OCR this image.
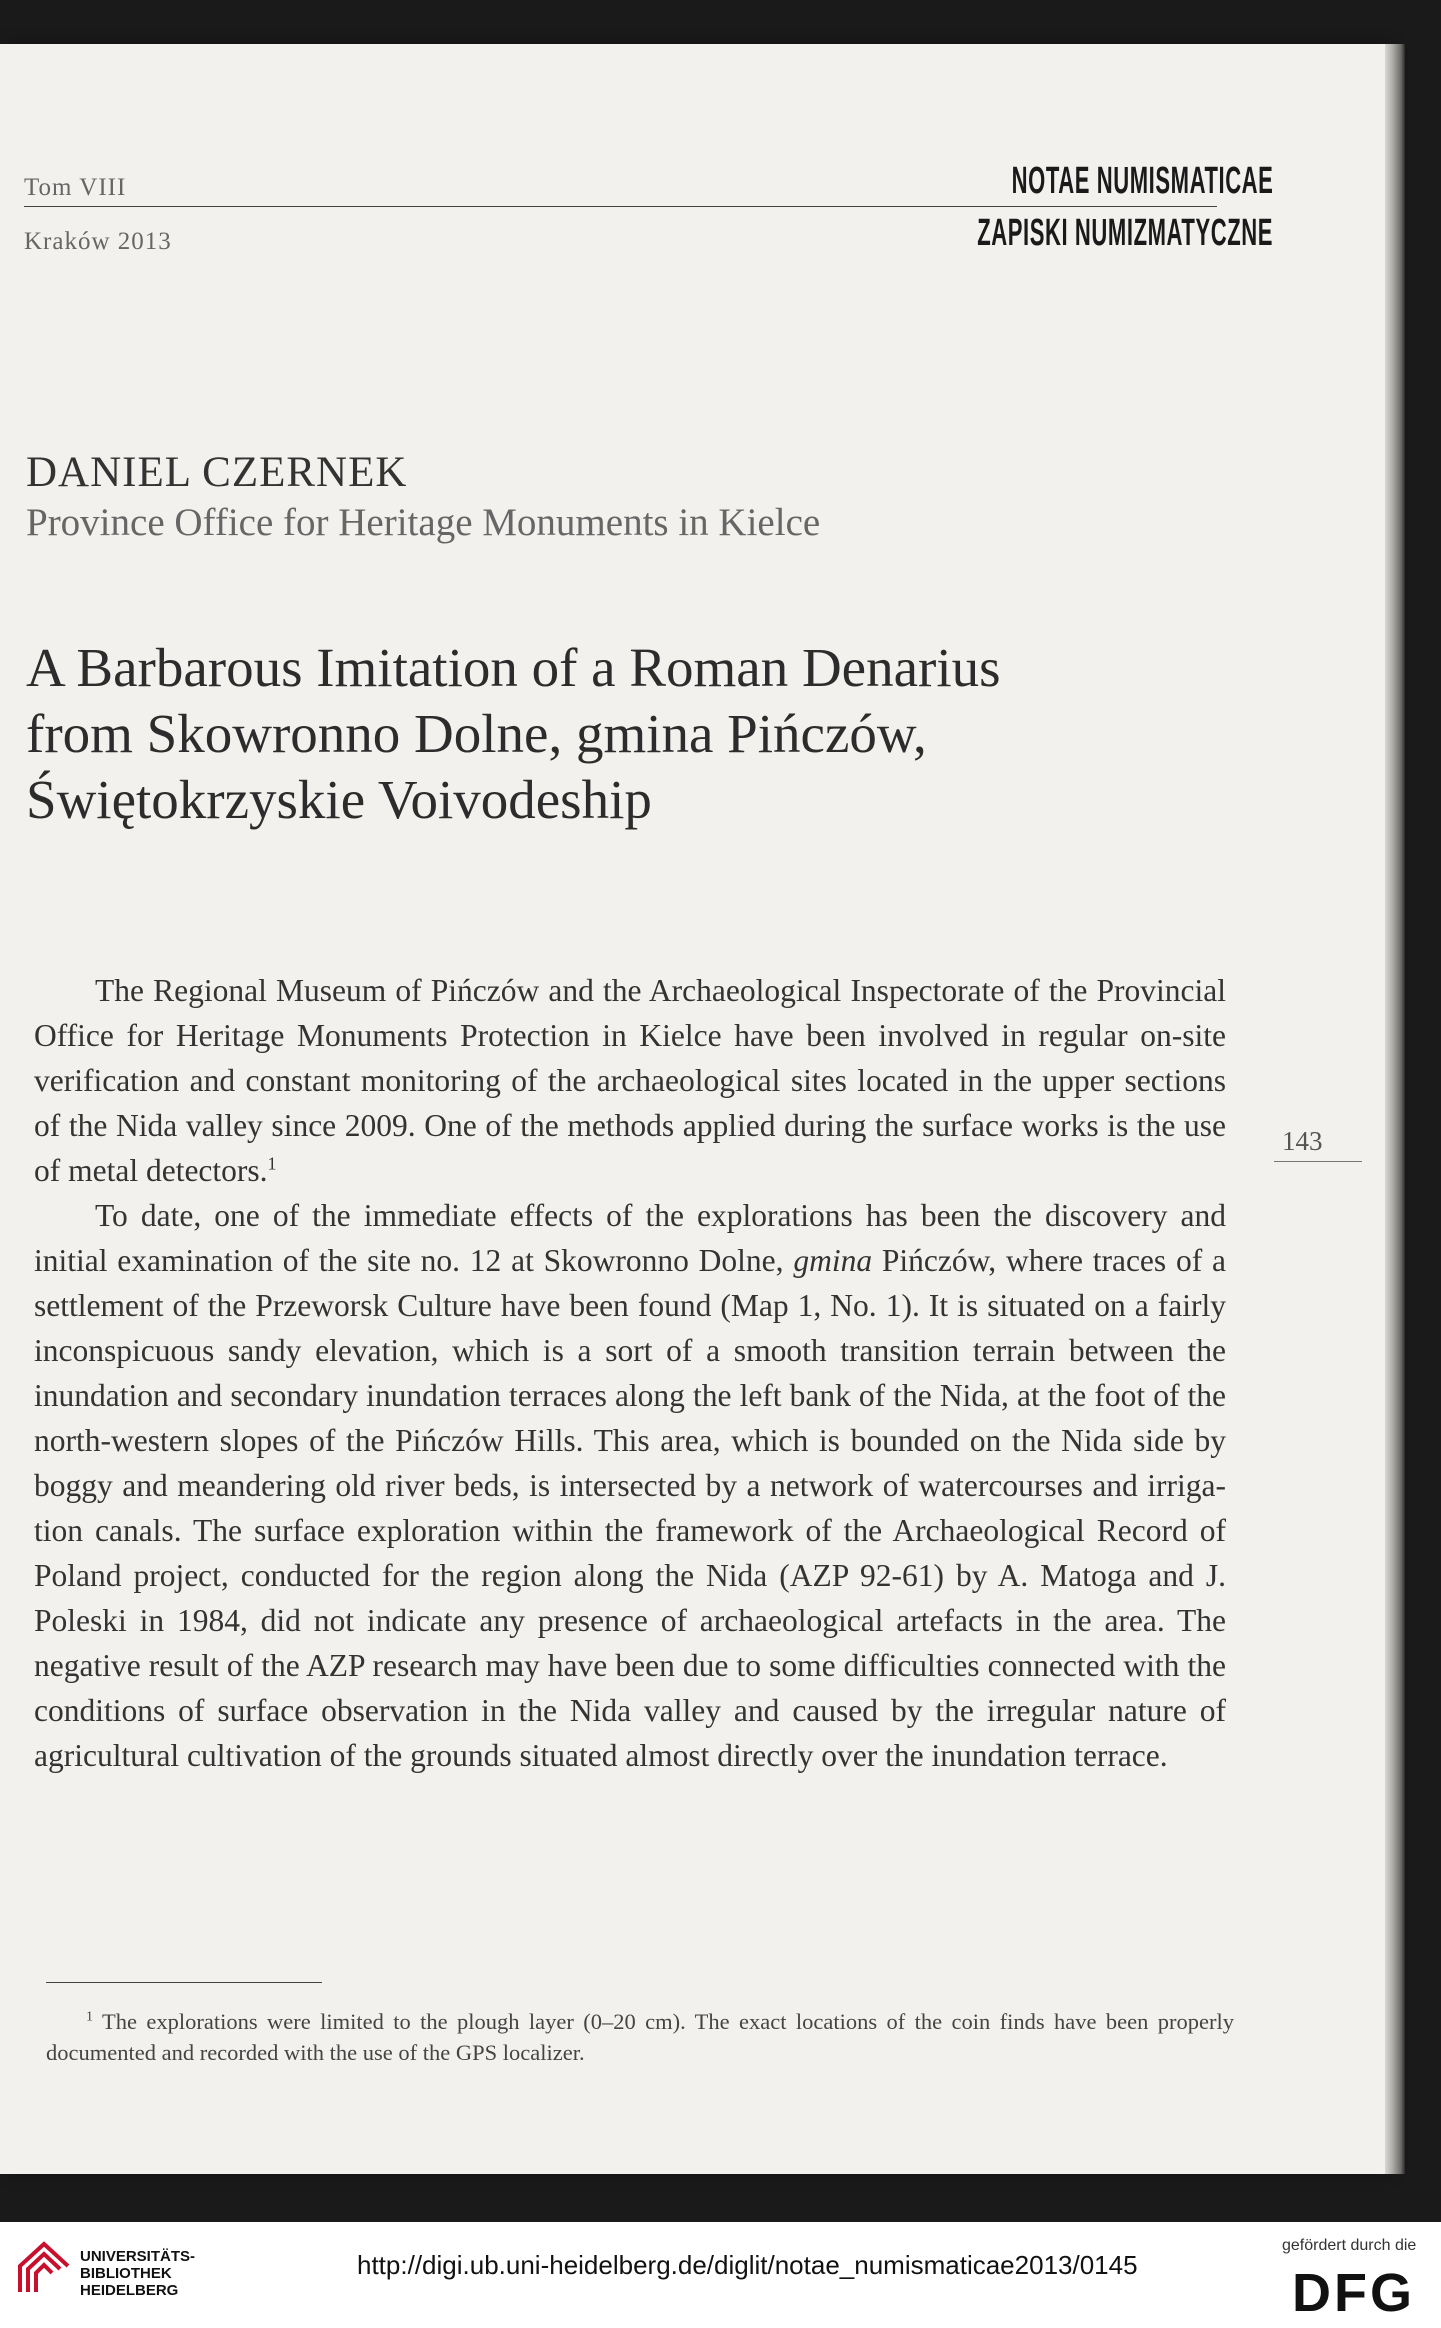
Tom VIII
Kraków 2013
NOTAE NUMISMATICAE
ZAPISKI NUMIZMATYCZNE
DANIEL CZERNEK
Province Office for Heritage Monuments in Kielce
A Barbarous Imitation of a Roman Denarius
from Skowronno Dolne, gmina Pińczów,
Świętokrzyskie Voivodeship

The Regional Museum of Pińczów and the Archaeological Inspectorate of the Provincial Office for Heritage Monuments Protection in Kielce have been involved in regular on-site verification and constant monitoring of the archaeological sites located in the upper sections of the Nida valley since 2009. One of the methods applied during the surface works is the use of metal detectors.$^1$

To date, one of the immediate effects of the explorations has been the discovery and initial examination of the site no. 12 at Skowronno Dolne, gmina Pińczów, where traces of a settlement of the Przeworsk Culture have been found (Map 1, No. 1). It is situated on a fairly inconspicuous sandy elevation, which is a sort of a smooth transition terrain between the inundation and secondary inundation terraces along the left bank of the Nida, at the foot of the north-western slopes of the Pińczów Hills. This area, which is bounded on the Nida side by boggy and meandering old river beds, is intersected by a network of watercourses and irrigation canals. The surface exploration within the framework of the Archaeological Record of Poland project, conducted for the region along the Nida (AZP 92-61) by A. Matoga and J. Poleski in 1984, did not indicate any presence of archaeological artefacts in the area. The negative result of the AZP research may have been due to some difficulties connected with the conditions of surface observation in the Nida valley and caused by the irregular nature of agricultural cultivation of the grounds situated almost directly over the inundation terrace.

143

$^1$ The explorations were limited to the plough layer (0–20 cm). The exact locations of the coin finds have been properly documented and recorded with the use of the GPS localizer.

UNIVERSITÄTS-
BIBLIOTHEK
HEIDELBERG
http://digi.ub.uni-heidelberg.de/diglit/notae_numismaticae2013/0145
gefördert durch die
DFG
